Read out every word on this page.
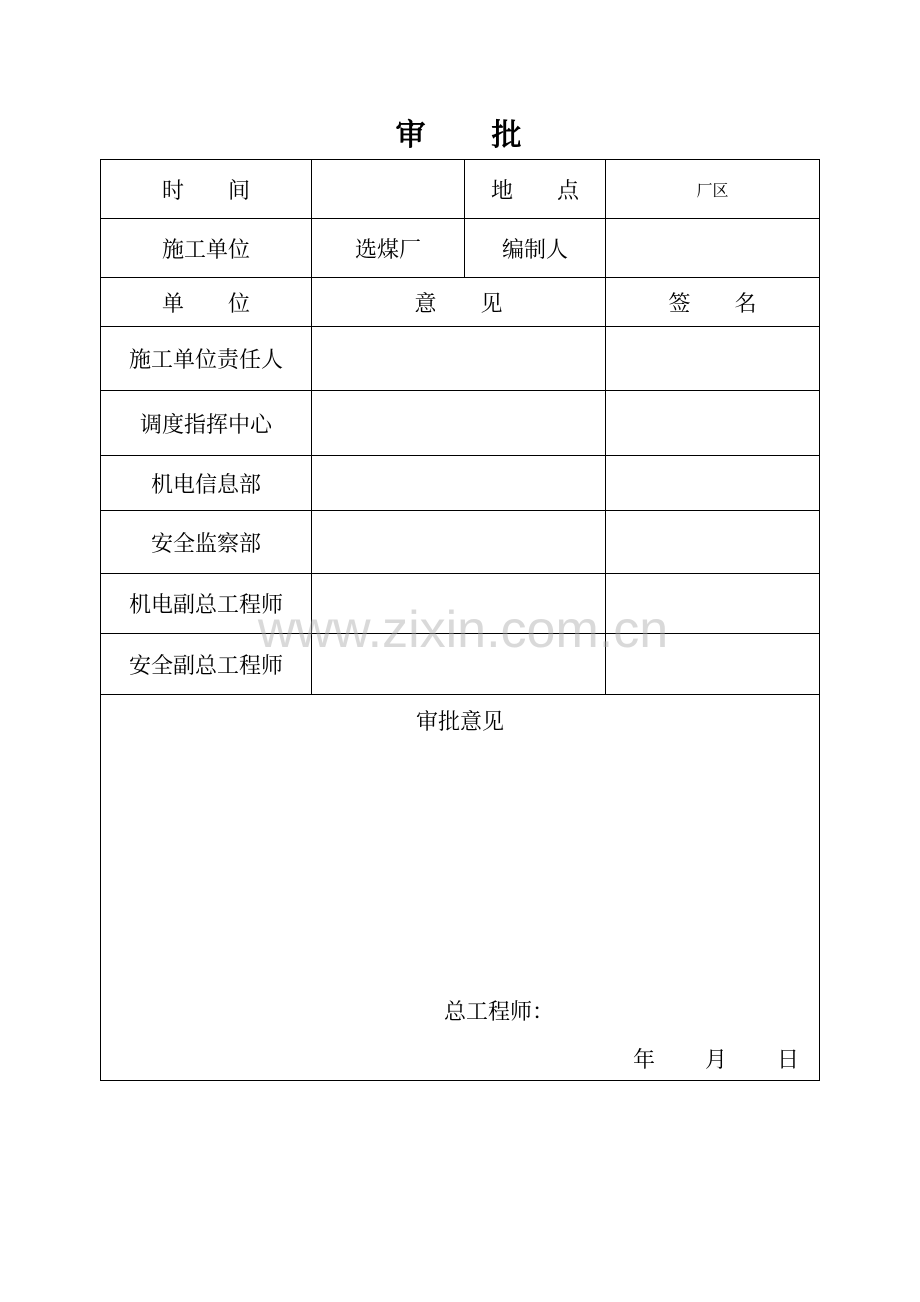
审　　批
时　　间		地　　点	厂区
施工单位	选煤厂	编制人	
单　　位	意　　见		签　　名
施工单位责任人			
调度指挥中心			
机电信息部			
安全监察部			
机电副总工程师			
安全副总工程师			

审批意见
总工程师：
年 月 日			
www.zixin.com.cn
